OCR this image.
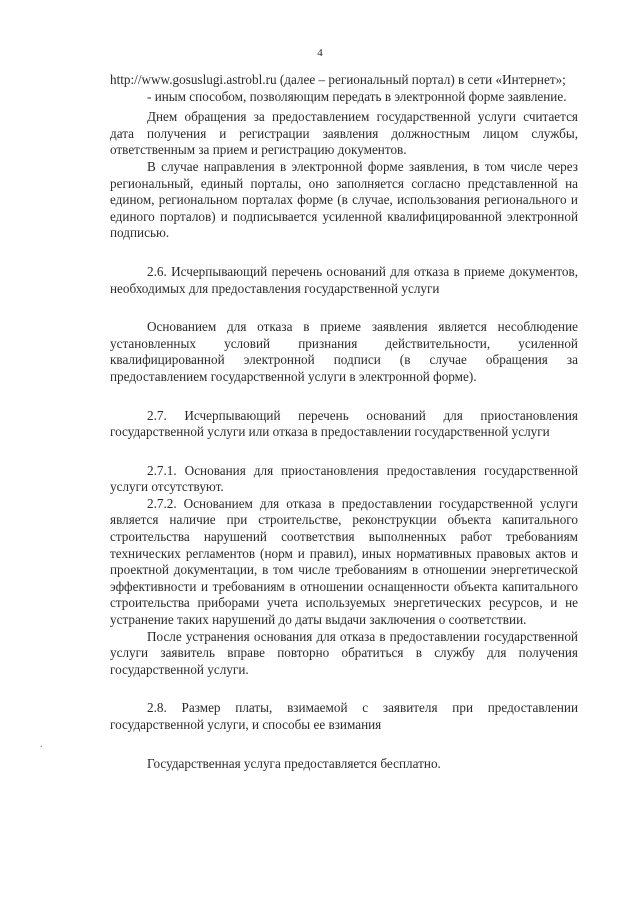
4

http://www.gosuslugi.astrobl.ru (далее – региональный портал) в сети «Интернет»;

- иным способом, позволяющим передать в электронной форме заявление.

Днем обращения за предоставлением государственной услуги считается дата получения и регистрации заявления должностным лицом службы, ответственным за прием и регистрацию документов.

В случае направления в электронной форме заявления, в том числе через региональный, единый порталы, оно заполняется согласно представленной на едином, региональном порталах форме (в случае, использования регионального и единого порталов) и подписывается усиленной квалифицированной электронной подписью.

2.6. Исчерпывающий перечень оснований для отказа в приеме документов, необходимых для предоставления государственной услуги

Основанием для отказа в приеме заявления является несоблюдение установленных условий признания действительности, усиленной квалифицированной электронной подписи (в случае обращения за предоставлением государственной услуги в электронной форме).

2.7. Исчерпывающий перечень оснований для приостановления государственной услуги или отказа в предоставлении государственной услуги

2.7.1. Основания для приостановления предоставления государственной услуги отсутствуют.

2.7.2. Основанием для отказа в предоставлении государственной услуги является наличие при строительстве, реконструкции объекта капитального строительства нарушений соответствия выполненных работ требованиям технических регламентов (норм и правил), иных нормативных правовых актов и проектной документации, в том числе требованиям в отношении энергетической эффективности и требованиям в отношении оснащенности объекта капитального строительства приборами учета используемых энергетических ресурсов, и не устранение таких нарушений до даты выдачи заключения о соответствии.

После устранения основания для отказа в предоставлении государственной услуги заявитель вправе повторно обратиться в службу для получения государственной услуги.

2.8. Размер платы, взимаемой с заявителя при предоставлении государственной услуги, и способы ее взимания

Государственная услуга предоставляется бесплатно.

.
